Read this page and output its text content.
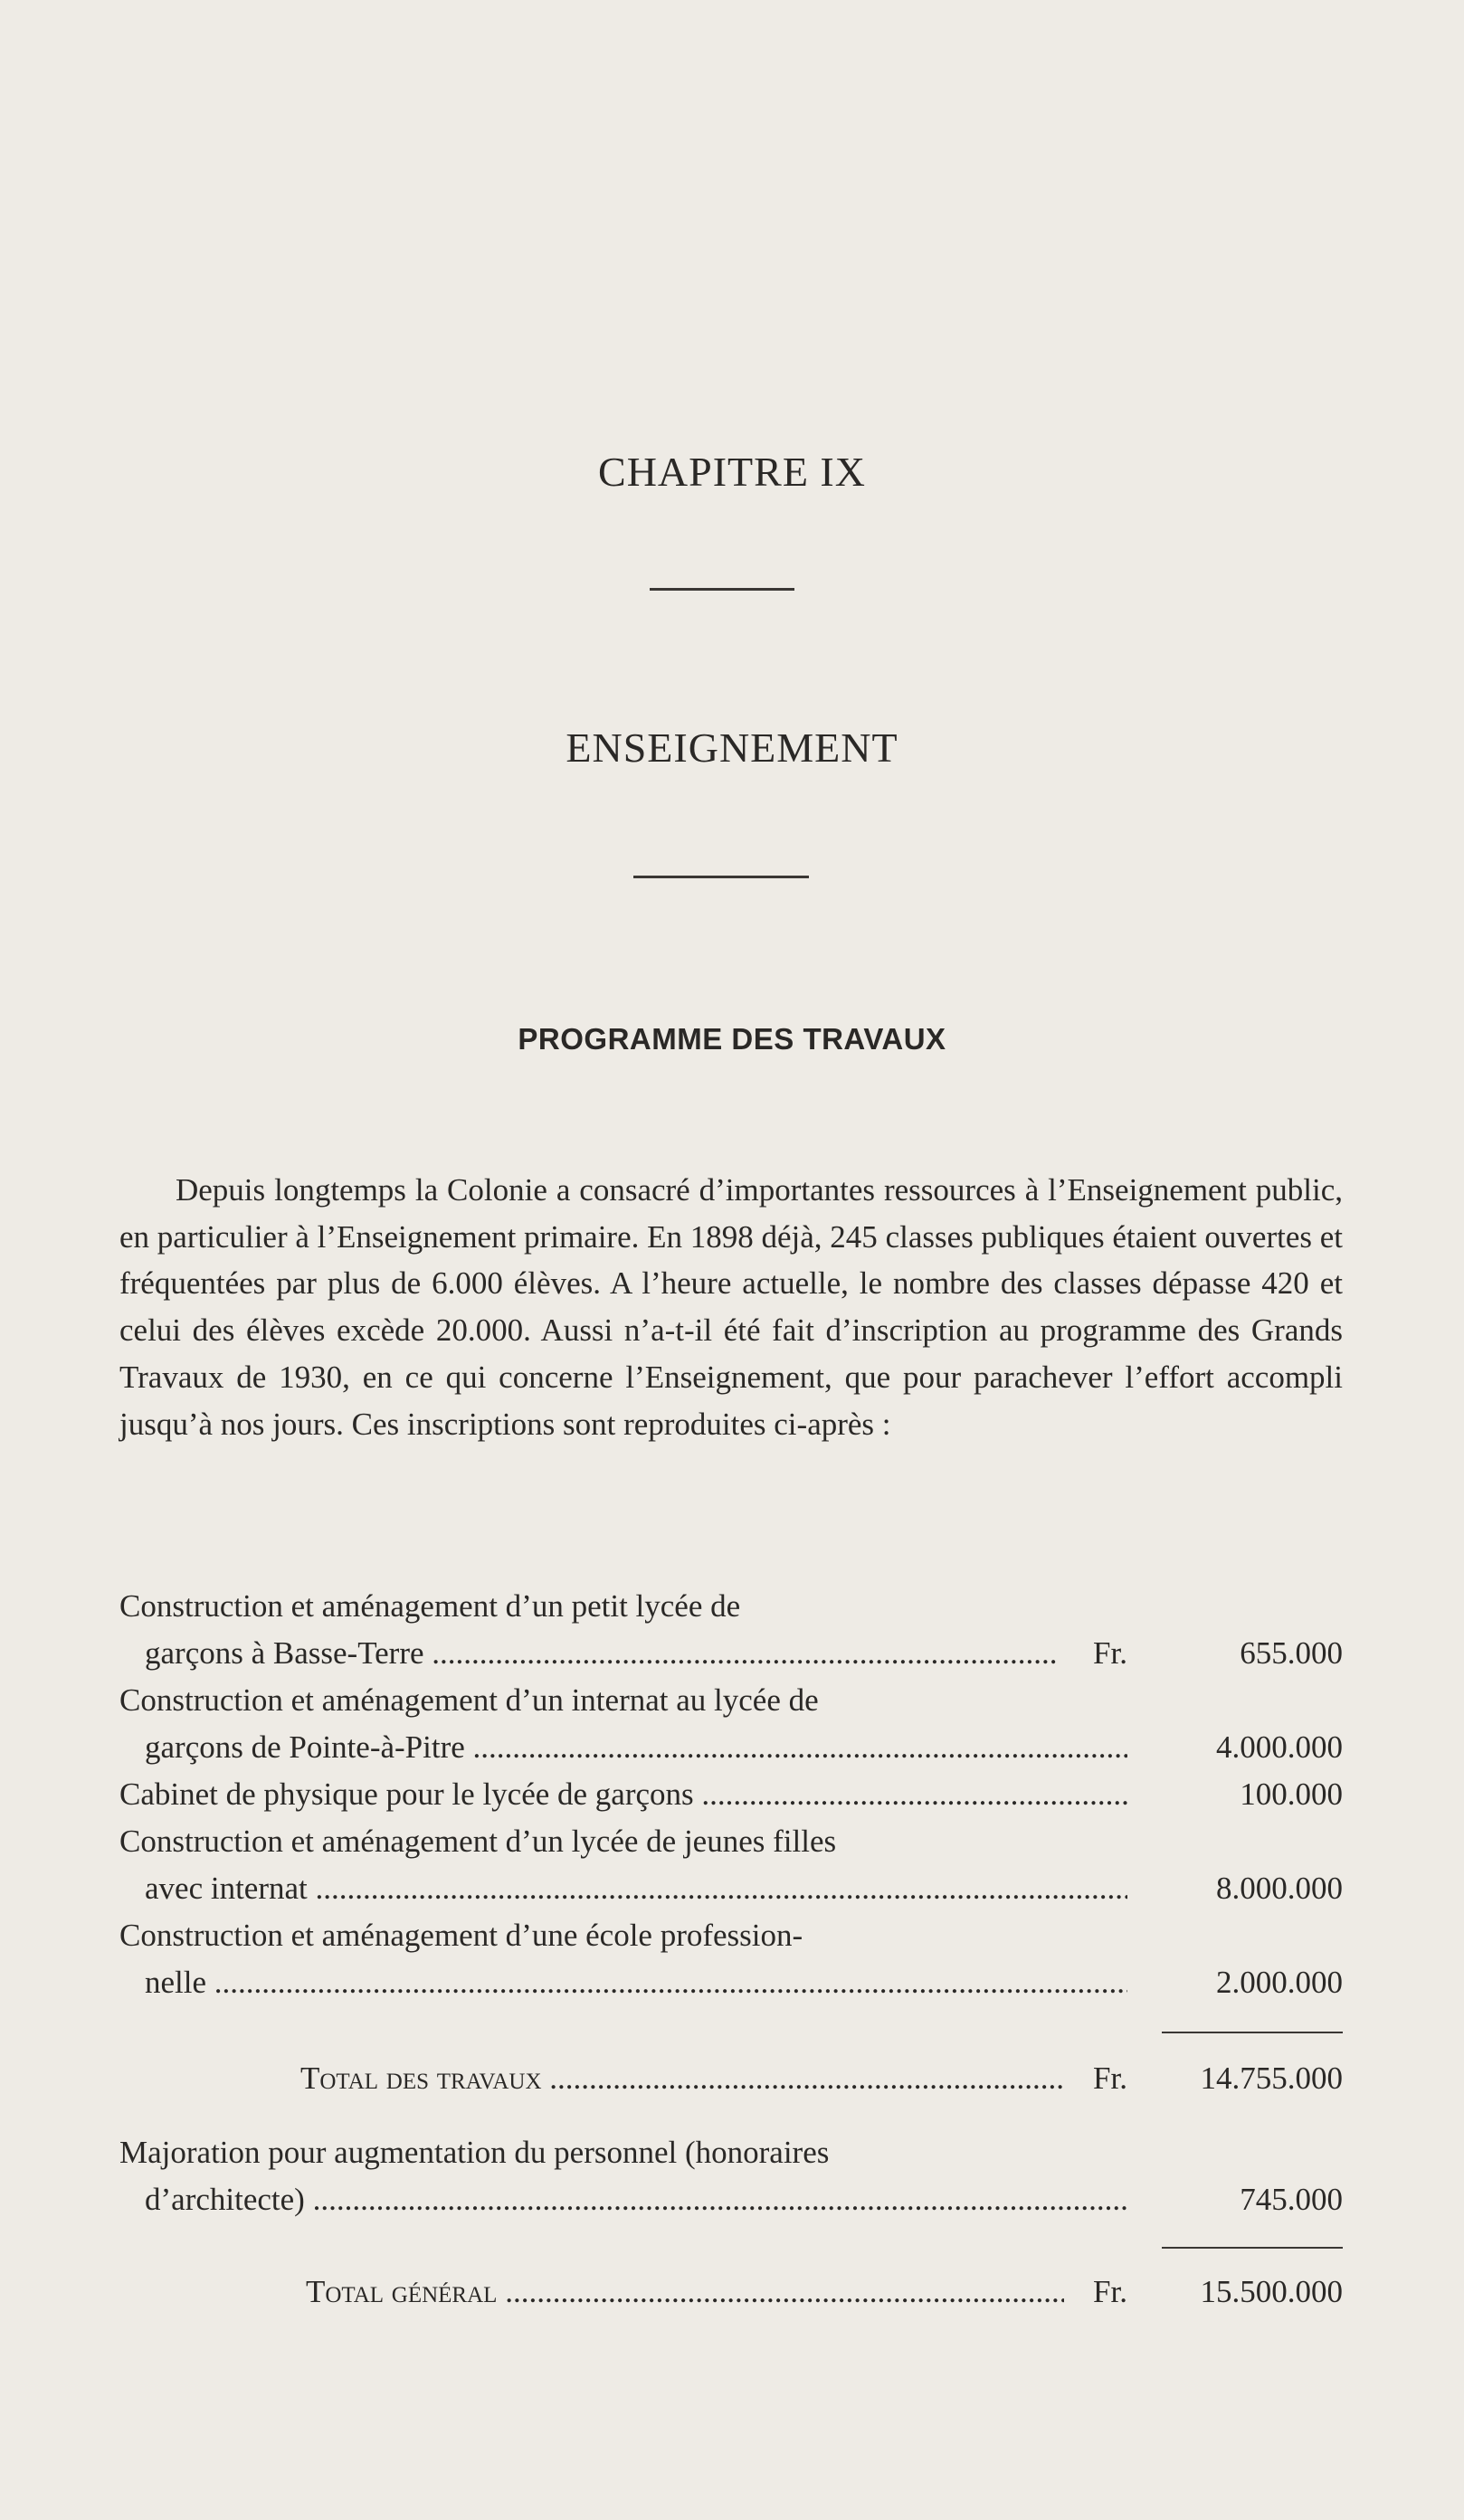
CHAPITRE IX
ENSEIGNEMENT
PROGRAMME DES TRAVAUX

Depuis longtemps la Colonie a consacré d’importantes ressources à l’Enseignement public, en particulier à l’Enseignement primaire. En 1898 déjà, 245 classes publiques étaient ouvertes et fréquentées par plus de 6.000 élèves. A l’heure actuelle, le nombre des classes dépasse 420 et celui des élèves excède 20.000. Aussi n’a-t-il été fait d’inscription au programme des Grands Travaux de 1930, en ce qui concerne l’Enseignement, que pour parachever l’effort accompli jusqu’à nos jours. Ces inscriptions sont reproduites ci-après :

Construction et aménagement d’un petit lycée de
garçons à Basse-Terre .....	Fr.	655.000
Construction et aménagement d’un internat au lycée de
garçons de Pointe-à-Pitre .....	4.000.000
Cabinet de physique pour le lycée de garçons .....	100.000
Construction et aménagement d’un lycée de jeunes filles
avec internat .....	8.000.000
Construction et aménagement d’une école profession-
nelle .....	2.000.000
Total des travaux .....	Fr.	14.755.000
Majoration pour augmentation du personnel (honoraires
d’architecte) .....	745.000
Total général .....	Fr.	15.500.000
